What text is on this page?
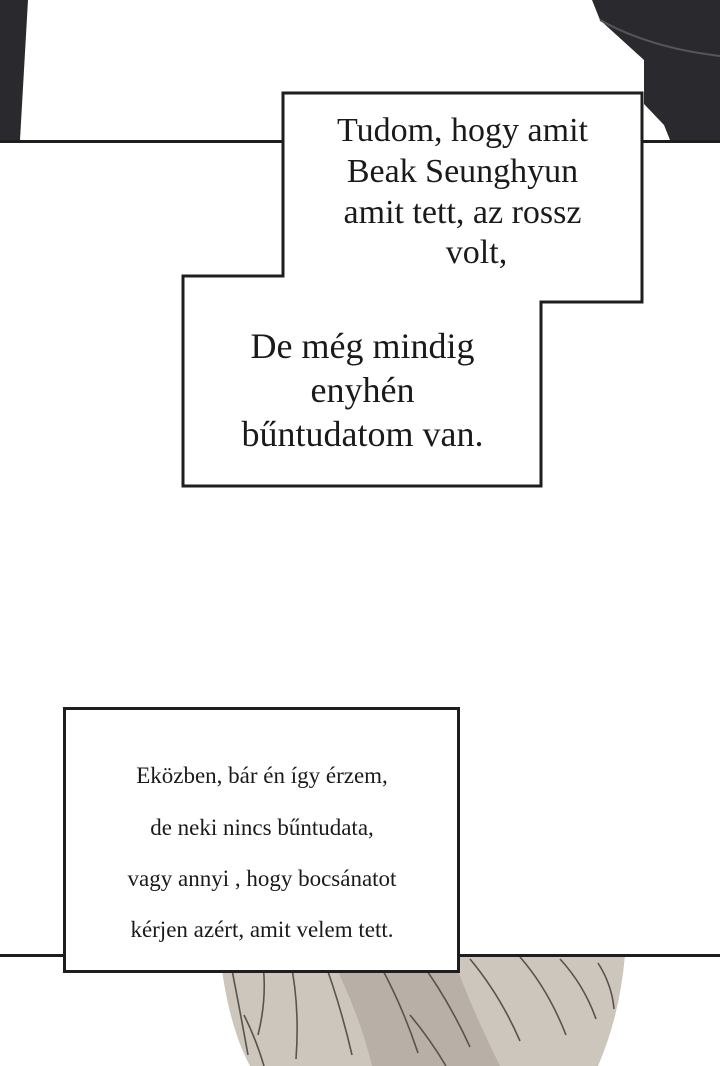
Tudom, hogy amit
Beak Seunghyun
amit tett, az rossz
volt,
De még mindig
enyhén
bűntudatom van.
Eközben, bár én így érzem,
de neki nincs bűntudata,
vagy annyi , hogy bocsánatot
kérjen azért, amit velem tett.
